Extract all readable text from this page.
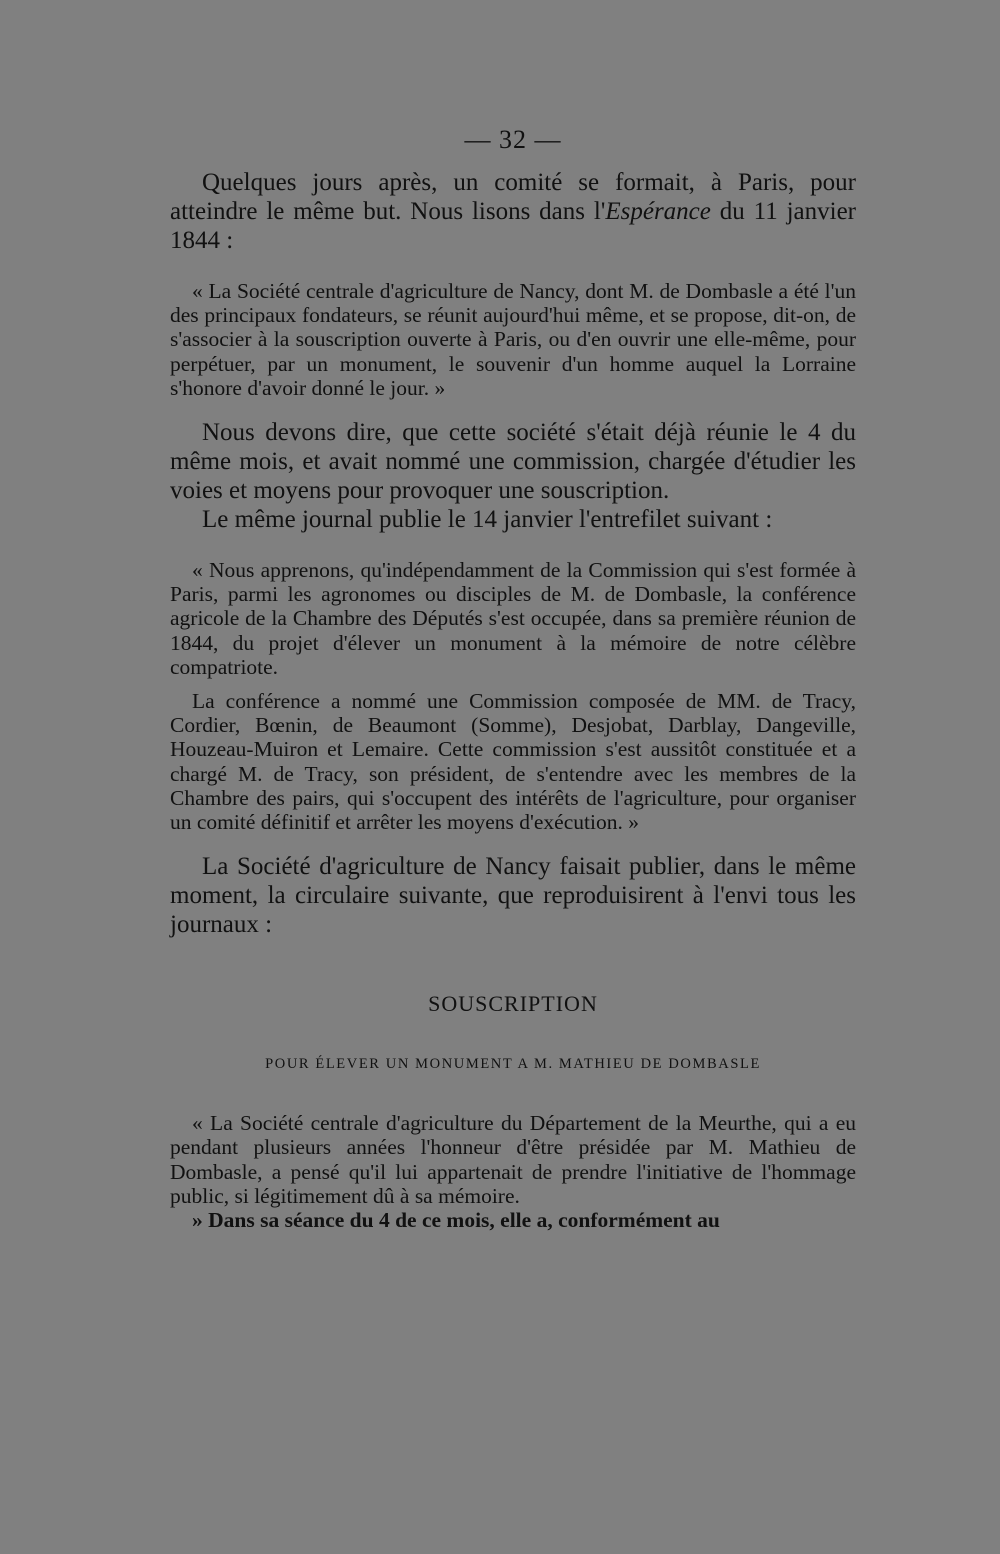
— 32 —

Quelques jours après, un comité se formait, à Paris, pour atteindre le même but. Nous lisons dans l'Espérance du 11 janvier 1844 :

« La Société centrale d'agriculture de Nancy, dont M. de Dombasle a été l'un des principaux fondateurs, se réunit aujourd'hui même, et se propose, dit-on, de s'associer à la souscription ouverte à Paris, ou d'en ouvrir une elle-même, pour perpétuer, par un monument, le souvenir d'un homme auquel la Lorraine s'honore d'avoir donné le jour. »

Nous devons dire, que cette société s'était déjà réunie le 4 du même mois, et avait nommé une commission, chargée d'étudier les voies et moyens pour provoquer une souscription.

Le même journal publie le 14 janvier l'entrefilet suivant :

« Nous apprenons, qu'indépendamment de la Commission qui s'est formée à Paris, parmi les agronomes ou disciples de M. de Dombasle, la conférence agricole de la Chambre des Députés s'est occupée, dans sa première réunion de 1844, du projet d'élever un monument à la mémoire de notre célèbre compatriote.

La conférence a nommé une Commission composée de MM. de Tracy, Cordier, Bœnin, de Beaumont (Somme), Desjobat, Darblay, Dangeville, Houzeau-Muiron et Lemaire. Cette commission s'est aussitôt constituée et a chargé M. de Tracy, son président, de s'entendre avec les membres de la Chambre des pairs, qui s'occupent des intérêts de l'agriculture, pour organiser un comité définitif et arrêter les moyens d'exécution. »

La Société d'agriculture de Nancy faisait publier, dans le même moment, la circulaire suivante, que reproduisirent à l'envi tous les journaux :

SOUSCRIPTION
POUR ÉLEVER UN MONUMENT A M. MATHIEU DE DOMBASLE

« La Société centrale d'agriculture du Département de la Meurthe, qui a eu pendant plusieurs années l'honneur d'être présidée par M. Mathieu de Dombasle, a pensé qu'il lui appartenait de prendre l'initiative de l'hommage public, si légitimement dû à sa mémoire.

» Dans sa séance du 4 de ce mois, elle a, conformément au
